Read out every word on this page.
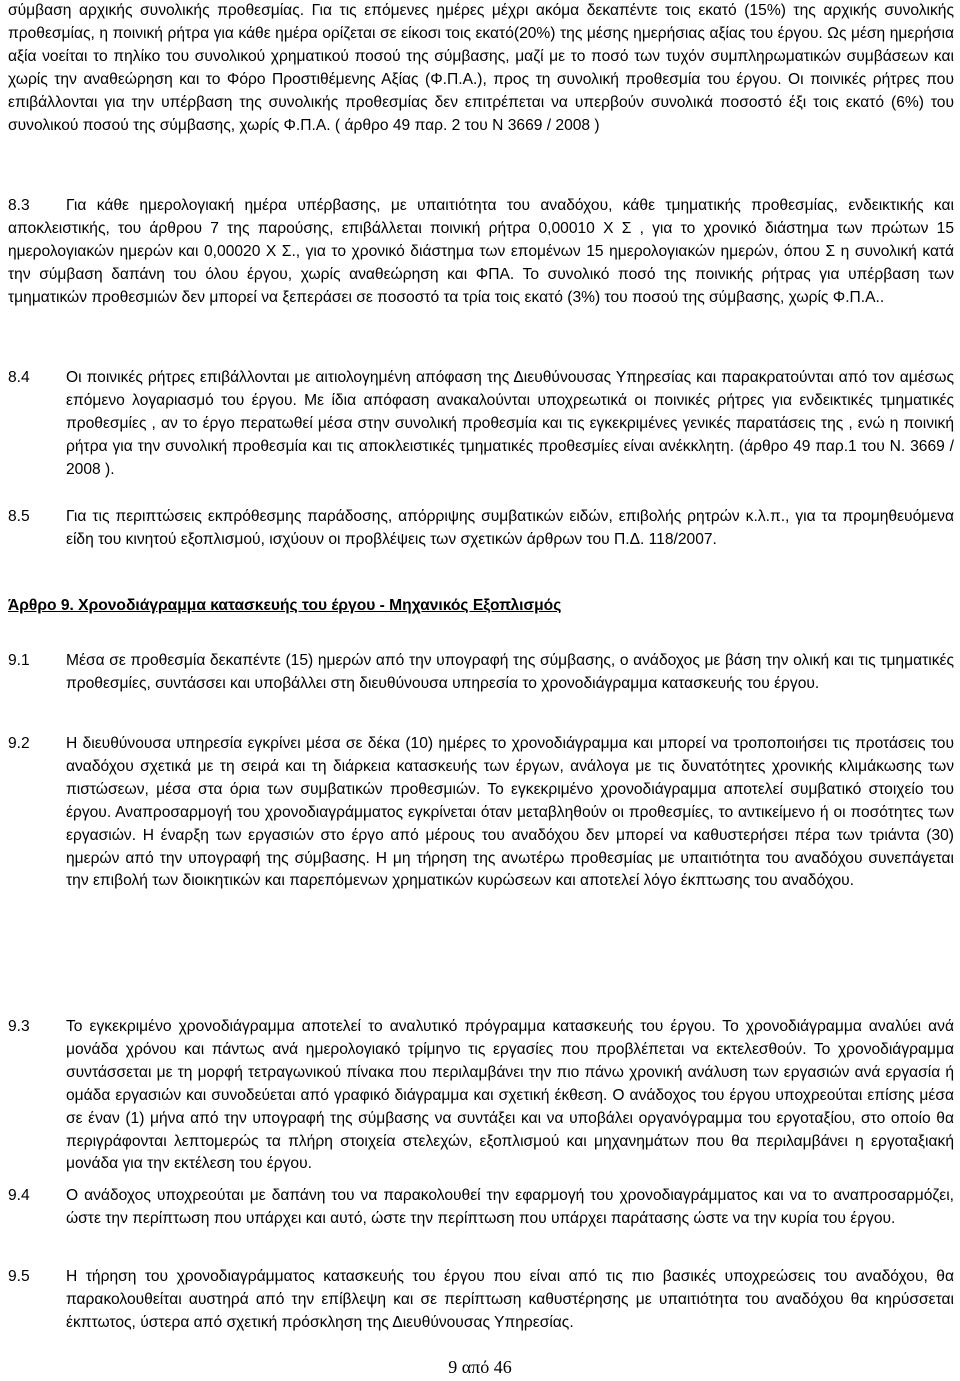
σύμβαση αρχικής συνολικής προθεσμίας. Για τις επόμενες ημέρες μέχρι ακόμα δεκαπέντε τοις εκατό (15%) της αρχικής συνολικής προθεσμίας, η ποινική ρήτρα για κάθε ημέρα ορίζεται σε είκοσι τοις εκατό(20%) της μέσης ημερήσιας αξίας του έργου. Ως μέση ημερήσια αξία νοείται το πηλίκο του συνολικού χρηματικού ποσού της σύμβασης, μαζί με το ποσό των τυχόν συμπληρωματικών συμβάσεων και χωρίς την αναθεώρηση και το Φόρο Προστιθέμενης Αξίας (Φ.Π.Α.), προς τη συνολική προθεσμία του έργου. Οι ποινικές ρήτρες που επιβάλλονται για την υπέρβαση της συνολικής προθεσμίας δεν επιτρέπεται να υπερβούν συνολικά ποσοστό έξι τοις εκατό (6%) του συνολικού ποσού της σύμβασης, χωρίς Φ.Π.Α. ( άρθρο 49 παρ. 2 του Ν 3669 / 2008 )
Για κάθε ημερολογιακή ημέρα υπέρβασης, με υπαιτιότητα του αναδόχου, κάθε τμηματικής προθεσμίας, ενδεικτικής και αποκλειστικής, του άρθρου 7 της παρούσης, επιβάλλεται ποινική ρήτρα 0,00010 Χ Σ , για το χρονικό διάστημα των πρώτων 15 ημερολογιακών ημερών και 0,00020 Χ Σ., για το χρονικό διάστημα των επομένων 15 ημερολογιακών ημερών, όπου Σ η συνολική κατά την σύμβαση δαπάνη του όλου έργου, χωρίς αναθεώρηση και ΦΠΑ. Το συνολικό ποσό της ποινικής ρήτρας για υπέρβαση των τμηματικών προθεσμιών δεν μπορεί να ξεπεράσει σε ποσοστό τα τρία τοις εκατό (3%) του ποσού της σύμβασης, χωρίς Φ.Π.Α..
8.3
8.4 Οι ποινικές ρήτρες επιβάλλονται με αιτιολογημένη απόφαση της Διευθύνουσας Υπηρεσίας και παρακρατούνται από τον αμέσως επόμενο λογαριασμό του έργου. Με ίδια απόφαση ανακαλούνται υποχρεωτικά οι ποινικές ρήτρες για ενδεικτικές τμηματικές προθεσμίες , αν το έργο περατωθεί μέσα στην συνολική προθεσμία και τις εγκεκριμένες γενικές παρατάσεις της , ενώ η ποινική ρήτρα για την συνολική προθεσμία και τις αποκλειστικές τμηματικές προθεσμίες είναι ανέκκλητη. (άρθρο 49 παρ.1 του Ν. 3669 / 2008 ).
8.5 Για τις περιπτώσεις εκπρόθεσμης παράδοσης, απόρριψης συμβατικών ειδών, επιβολής ρητρών κ.λ.π., για τα προμηθευόμενα είδη του κινητού εξοπλισμού, ισχύουν οι προβλέψεις των σχετικών άρθρων του Π.Δ. 118/2007.
Άρθρο 9. Χρονοδιάγραμμα κατασκευής του έργου - Μηχανικός Εξοπλισμός
9.1 Μέσα σε προθεσμία δεκαπέντε (15) ημερών από την υπογραφή της σύμβασης, ο ανάδοχος με βάση την ολική και τις τμηματικές προθεσμίες, συντάσσει και υποβάλλει στη διευθύνουσα υπηρεσία το χρονοδιάγραμμα κατασκευής του έργου.
9.2 Η διευθύνουσα υπηρεσία εγκρίνει μέσα σε δέκα (10) ημέρες το χρονοδιάγραμμα και μπορεί να τροποποιήσει τις προτάσεις του αναδόχου σχετικά με τη σειρά και τη διάρκεια κατασκευής των έργων, ανάλογα με τις δυνατότητες χρονικής κλιμάκωσης των πιστώσεων, μέσα στα όρια των συμβατικών προθεσμιών. Το εγκεκριμένο χρονοδιάγραμμα αποτελεί συμβατικό στοιχείο του έργου. Αναπροσαρμογή του χρονοδιαγράμματος εγκρίνεται όταν μεταβληθούν οι προθεσμίες, το αντικείμενο ή οι ποσότητες των εργασιών. Η έναρξη των εργασιών στο έργο από μέρους του αναδόχου δεν μπορεί να καθυστερήσει πέρα των τριάντα (30) ημερών από την υπογραφή της σύμβασης. Η μη τήρηση της ανωτέρω προθεσμίας με υπαιτιότητα του αναδόχου συνεπάγεται την επιβολή των διοικητικών και παρεπόμενων χρηματικών κυρώσεων και αποτελεί λόγο έκπτωσης του αναδόχου.
9.3 Το εγκεκριμένο χρονοδιάγραμμα αποτελεί το αναλυτικό πρόγραμμα κατασκευής του έργου. Το χρονοδιάγραμμα αναλύει ανά μονάδα χρόνου και πάντως ανά ημερολογιακό τρίμηνο τις εργασίες που προβλέπεται να εκτελεσθούν. Το χρονοδιάγραμμα συντάσσεται με τη μορφή τετραγωνικού πίνακα που περιλαμβάνει την πιο πάνω χρονική ανάλυση των εργασιών ανά εργασία ή ομάδα εργασιών και συνοδεύεται από γραφικό διάγραμμα και σχετική έκθεση. Ο ανάδοχος του έργου υποχρεούται επίσης μέσα σε έναν (1) μήνα από την υπογραφή της σύμβασης να συντάξει και να υποβάλει οργανόγραμμα του εργοταξίου, στο οποίο θα περιγράφονται λεπτομερώς τα πλήρη στοιχεία στελεχών, εξοπλισμού και μηχανημάτων που θα περιλαμβάνει η εργοταξιακή μονάδα για την εκτέλεση του έργου.
9.4 Ο ανάδοχος υποχρεούται με δαπάνη του να παρακολουθεί την εφαρμογή του χρονοδιαγράμματος και να το αναπροσαρμόζει, ώστε την περίπτωση που υπάρχει και αυτό, ώστε την περίπτωση που υπάρχει παράτασης ώστε να την κυρία του έργου.
9.5 Η τήρηση του χρονοδιαγράμματος κατασκευής του έργου που είναι από τις πιο βασικές υποχρεώσεις του αναδόχου, θα παρακολουθείται αυστηρά από την επίβλεψη και σε περίπτωση καθυστέρησης με υπαιτιότητα του αναδόχου θα κηρύσσεται έκπτωτος, ύστερα από σχετική πρόσκληση της Διευθύνουσας Υπηρεσίας.
9 από 46
